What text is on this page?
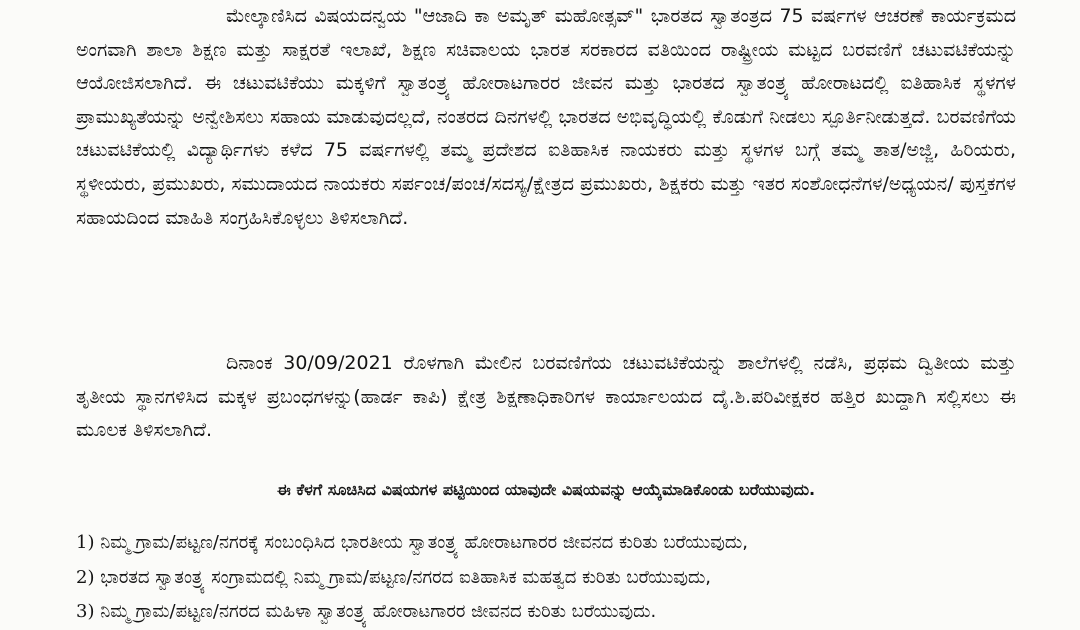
ಮೇಲ್ಕಾಣಿಸಿದ ವಿಷಯದನ್ವಯ "ಆಜಾದಿ ಕಾ ಅಮೃತ್ ಮಹೋತ್ಸವ್" ಭಾರತದ ಸ್ವಾತಂತ್ರದ 75 ವರ್ಷಗಳ ಆಚರಣೆ ಕಾರ್ಯಕ್ರಮದ ಅಂಗವಾಗಿ ಶಾಲಾ ಶಿಕ್ಷಣ ಮತ್ತು ಸಾಕ್ಷರತೆ ಇಲಾಖೆ, ಶಿಕ್ಷಣ ಸಚಿವಾಲಯ ಭಾರತ ಸರಕಾರದ ವತಿಯಿಂದ ರಾಷ್ಟ್ರೀಯ ಮಟ್ಟದ ಬರವಣಿಗೆ ಚಟುವಟಿಕೆಯನ್ನು ಆಯೋಜಿಸಲಾಗಿದೆ. ಈ ಚಟುವಟಿಕೆಯು ಮಕ್ಕಳಿಗೆ ಸ್ವಾತಂತ್ರ್ಯ ಹೋರಾಟಗಾರರ ಜೀವನ ಮತ್ತು ಭಾರತದ ಸ್ವಾತಂತ್ರ್ಯ ಹೋರಾಟದಲ್ಲಿ ಐತಿಹಾಸಿಕ ಸ್ಥಳಗಳ ಪ್ರಾಮುಖ್ಯತೆಯನ್ನು ಅನ್ವೇಶಿಸಲು ಸಹಾಯ ಮಾಡುವುದಲ್ಲದೆ, ನಂತರದ ದಿನಗಳಲ್ಲಿ ಭಾರತದ ಅಭಿವೃದ್ಧಿಯಲ್ಲಿ ಕೊಡುಗೆ ನೀಡಲು ಸ್ಪೂರ್ತಿನೀಡುತ್ತದೆ. ಬರವಣಿಗೆಯ ಚಟುವಟಿಕೆಯಲ್ಲಿ ವಿದ್ಯಾರ್ಥಿಗಳು ಕಳೆದ 75 ವರ್ಷಗಳಲ್ಲಿ ತಮ್ಮ ಪ್ರದೇಶದ ಐತಿಹಾಸಿಕ ನಾಯಕರು ಮತ್ತು ಸ್ಥಳಗಳ ಬಗ್ಗೆ ತಮ್ಮ ತಾತ/ಅಜ್ಜಿ, ಹಿರಿಯರು, ಸ್ಥಳೀಯರು, ಪ್ರಮುಖರು, ಸಮುದಾಯದ ನಾಯಕರು ಸರ್ಪಂಚ/ಪಂಚ/ಸದಸ್ಯ/ಕ್ಷೇತ್ರದ ಪ್ರಮುಖರು, ಶಿಕ್ಷಕರು ಮತ್ತು ಇತರ ಸಂಶೋಧನೆಗಳ/ಅಧ್ಯಯನ/ ಪುಸ್ತಕಗಳ ಸಹಾಯದಿಂದ ಮಾಹಿತಿ ಸಂಗ್ರಹಿಸಿಕೊಳ್ಳಲು ತಿಳಿಸಲಾಗಿದೆ.

ದಿನಾಂಕ 30/09/2021 ರೊಳಗಾಗಿ ಮೇಲಿನ ಬರವಣಿಗೆಯ ಚಟುವಟಿಕೆಯನ್ನು ಶಾಲೆಗಳಲ್ಲಿ ನಡೆಸಿ, ಪ್ರಥಮ ದ್ವಿತೀಯ ಮತ್ತು ತೃತೀಯ ಸ್ಥಾನಗಳಿಸಿದ ಮಕ್ಕಳ ಪ್ರಬಂಧಗಳನ್ನು(ಹಾರ್ಡ ಕಾಪಿ) ಕ್ಷೇತ್ರ ಶಿಕ್ಷಣಾಧಿಕಾರಿಗಳ ಕಾರ್ಯಾಲಯದ ದೈ.ಶಿ.ಪರಿವೀಕ್ಷಕರ ಹತ್ತಿರ ಖುದ್ದಾಗಿ ಸಲ್ಲಿಸಲು ಈ ಮೂಲಕ ತಿಳಿಸಲಾಗಿದೆ.

ಈ ಕೆಳಗೆ ಸೂಚಿಸಿದ ವಿಷಯಗಳ ಪಟ್ಟಿಯಿಂದ ಯಾವುದೇ ವಿಷಯವನ್ನು ಆಯ್ಕೆಮಾಡಿಕೊಂಡು ಬರೆಯುವುದು.

1) ನಿಮ್ಮ ಗ್ರಾಮ/ಪಟ್ಟಣ/ನಗರಕ್ಕೆ ಸಂಬಂಧಿಸಿದ ಭಾರತೀಯ ಸ್ವಾತಂತ್ರ್ಯ ಹೋರಾಟಗಾರರ ಜೀವನದ ಕುರಿತು ಬರೆಯುವುದು,
2) ಭಾರತದ ಸ್ವಾತಂತ್ರ್ಯ ಸಂಗ್ರಾಮದಲ್ಲಿ ನಿಮ್ಮ ಗ್ರಾಮ/ಪಟ್ಟಣ/ನಗರದ ಐತಿಹಾಸಿಕ ಮಹತ್ವದ ಕುರಿತು ಬರೆಯುವುದು,
3) ನಿಮ್ಮ ಗ್ರಾಮ/ಪಟ್ಟಣ/ನಗರದ ಮಹಿಳಾ ಸ್ವಾತಂತ್ರ್ಯ ಹೋರಾಟಗಾರರ ಜೀವನದ ಕುರಿತು ಬರೆಯುವುದು.
